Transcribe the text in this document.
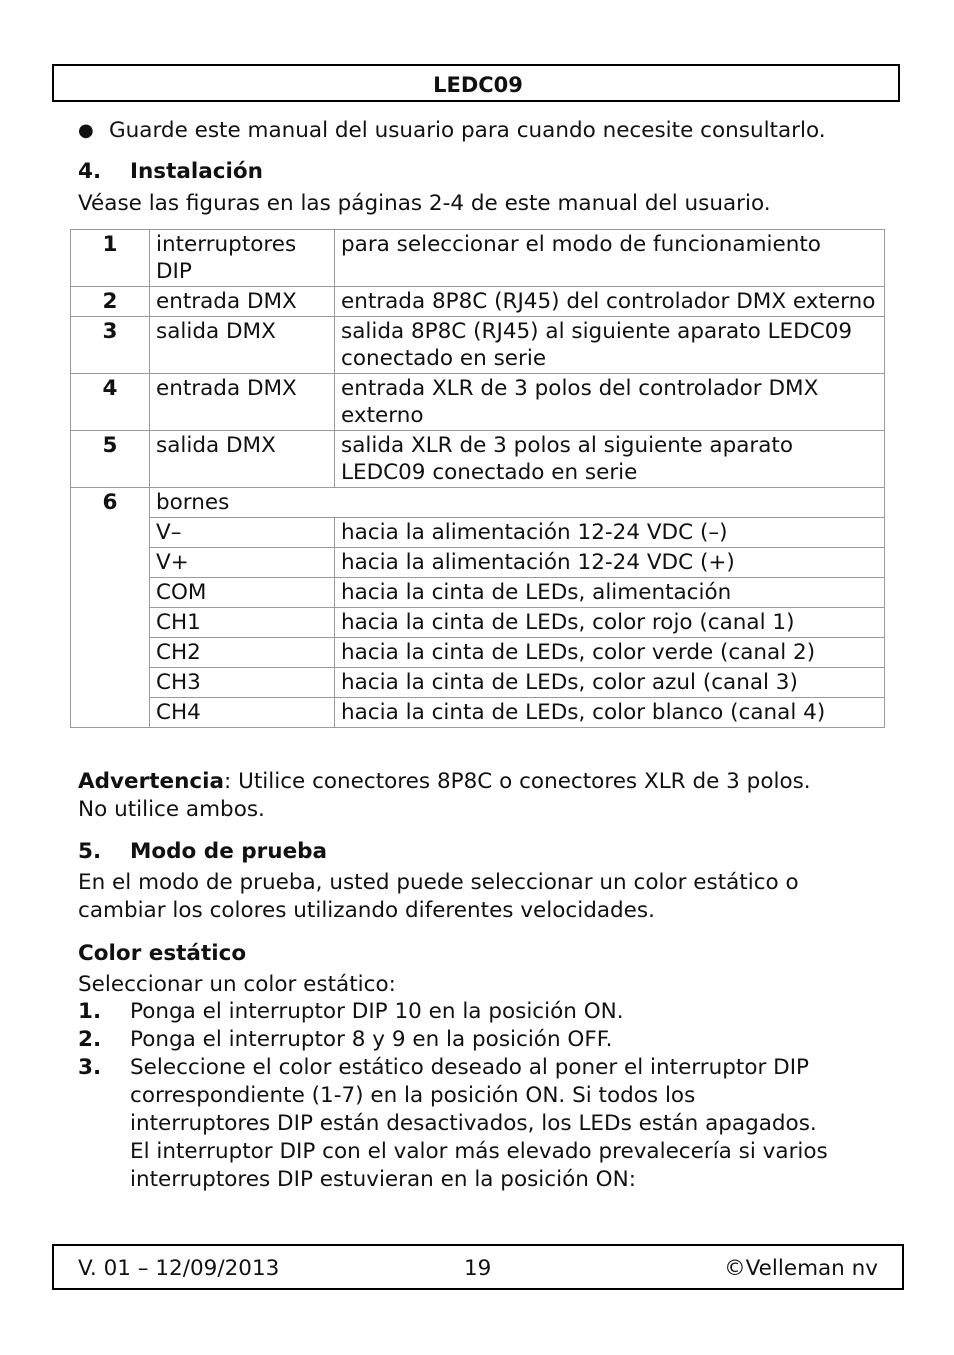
LEDC09
● Guarde este manual del usuario para cuando necesite consultarlo.
4. Instalación
Véase las figuras en las páginas 2-4 de este manual del usuario.
1	interruptores DIP	para seleccionar el modo de funcionamiento
2	entrada DMX	entrada 8P8C (RJ45) del controlador DMX externo
3	salida DMX	salida 8P8C (RJ45) al siguiente aparato LEDC09 conectado en serie
4	entrada DMX	entrada XLR de 3 polos del controlador DMX externo
5	salida DMX	salida XLR de 3 polos al siguiente aparato LEDC09 conectado en serie
6	bornes	
	V–	hacia la alimentación 12-24 VDC (–)
	V+	hacia la alimentación 12-24 VDC (+)
	COM	hacia la cinta de LEDs, alimentación
	CH1	hacia la cinta de LEDs, color rojo (canal 1)
	CH2	hacia la cinta de LEDs, color verde (canal 2)
	CH3	hacia la cinta de LEDs, color azul (canal 3)
	CH4	hacia la cinta de LEDs, color blanco (canal 4)
Advertencia: Utilice conectores 8P8C o conectores XLR de 3 polos.
No utilice ambos.
5. Modo de prueba
En el modo de prueba, usted puede seleccionar un color estático o
cambiar los colores utilizando diferentes velocidades.
Color estático
Seleccionar un color estático:
1. Ponga el interruptor DIP 10 en la posición ON.
2. Ponga el interruptor 8 y 9 en la posición OFF.
3. Seleccione el color estático deseado al poner el interruptor DIP
correspondiente (1-7) en la posición ON. Si todos los
interruptores DIP están desactivados, los LEDs están apagados.
El interruptor DIP con el valor más elevado prevalecería si varios
interruptores DIP estuvieran en la posición ON:
V. 01 – 12/09/2013	19	©Velleman nv
